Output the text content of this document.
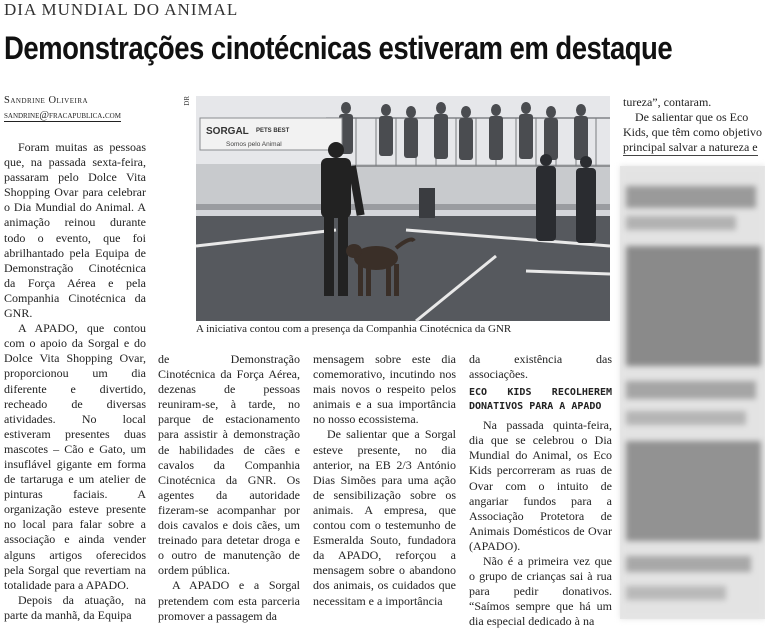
DIA MUNDIAL DO ANIMAL
Demonstrações cinotécnicas estiveram em destaque
Sandrine Oliveira
sandrine@fracapublica.com
DR
SORGAL PETS BEST
Somos pelo Animal
A iniciativa contou com a presença da Companhia Cinotécnica da GNR

Foram muitas as pessoas que, na passada sexta-feira, passaram pelo Dolce Vita Shopping Ovar para celebrar o Dia Mundial do Animal. A animação reinou durante todo o evento, que foi abrilhantado pela Equipa de Demonstração Cinotécnica da Força Aérea e pela Companhia Cinotécnica da GNR.

A APADO, que contou com o apoio da Sorgal e do Dolce Vita Shopping Ovar, proporcionou um dia diferente e divertido, recheado de diversas atividades. No local estiveram presentes duas mascotes – Cão e Gato, um insuflável gigante em forma de tartaruga e um atelier de pinturas faciais. A organização esteve presente no local para falar sobre a associação e ainda vender alguns artigos oferecidos pela Sorgal que revertiam na totalidade para a APADO.

Depois da atuação, na parte da manhã, da Equipa

de Demonstração Cinotécnica da Força Aérea, dezenas de pessoas reuniram-se, à tarde, no parque de estacionamento para assistir à demonstração de habilidades de cães e cavalos da Companhia Cinotécnica da GNR. Os agentes da autoridade fizeram-se acompanhar por dois cavalos e dois cães, um treinado para detetar droga e o outro de manutenção de ordem pública.

A APADO e a Sorgal pretendem com esta parceria promover a passagem da

mensagem sobre este dia comemorativo, incutindo nos mais novos o respeito pelos animais e a sua importância no nosso ecossistema.

De salientar que a Sorgal esteve presente, no dia anterior, na EB 2/3 António Dias Simões para uma ação de sensibilização sobre os animais. A empresa, que contou com o testemunho de Esmeralda Souto, fundadora da APADO, reforçou a mensagem sobre o abandono dos animais, os cuidados que necessitam e a importância

da existência das associações.

ECO KIDS RECOLHEREM DONATIVOS PARA A APADO

Na passada quinta-feira, dia que se celebrou o Dia Mundial do Animal, os Eco Kids percorreram as ruas de Ovar com o intuito de angariar fundos para a Associação Protetora de Animais Domésticos de Ovar (APADO).

Não é a primeira vez que o grupo de crianças sai à rua para pedir donativos. “Saímos sempre que há um dia especial dedicado à na

tureza”, contaram.

De salientar que os Eco

Kids, que têm como objetivo

principal salvar a natureza e
